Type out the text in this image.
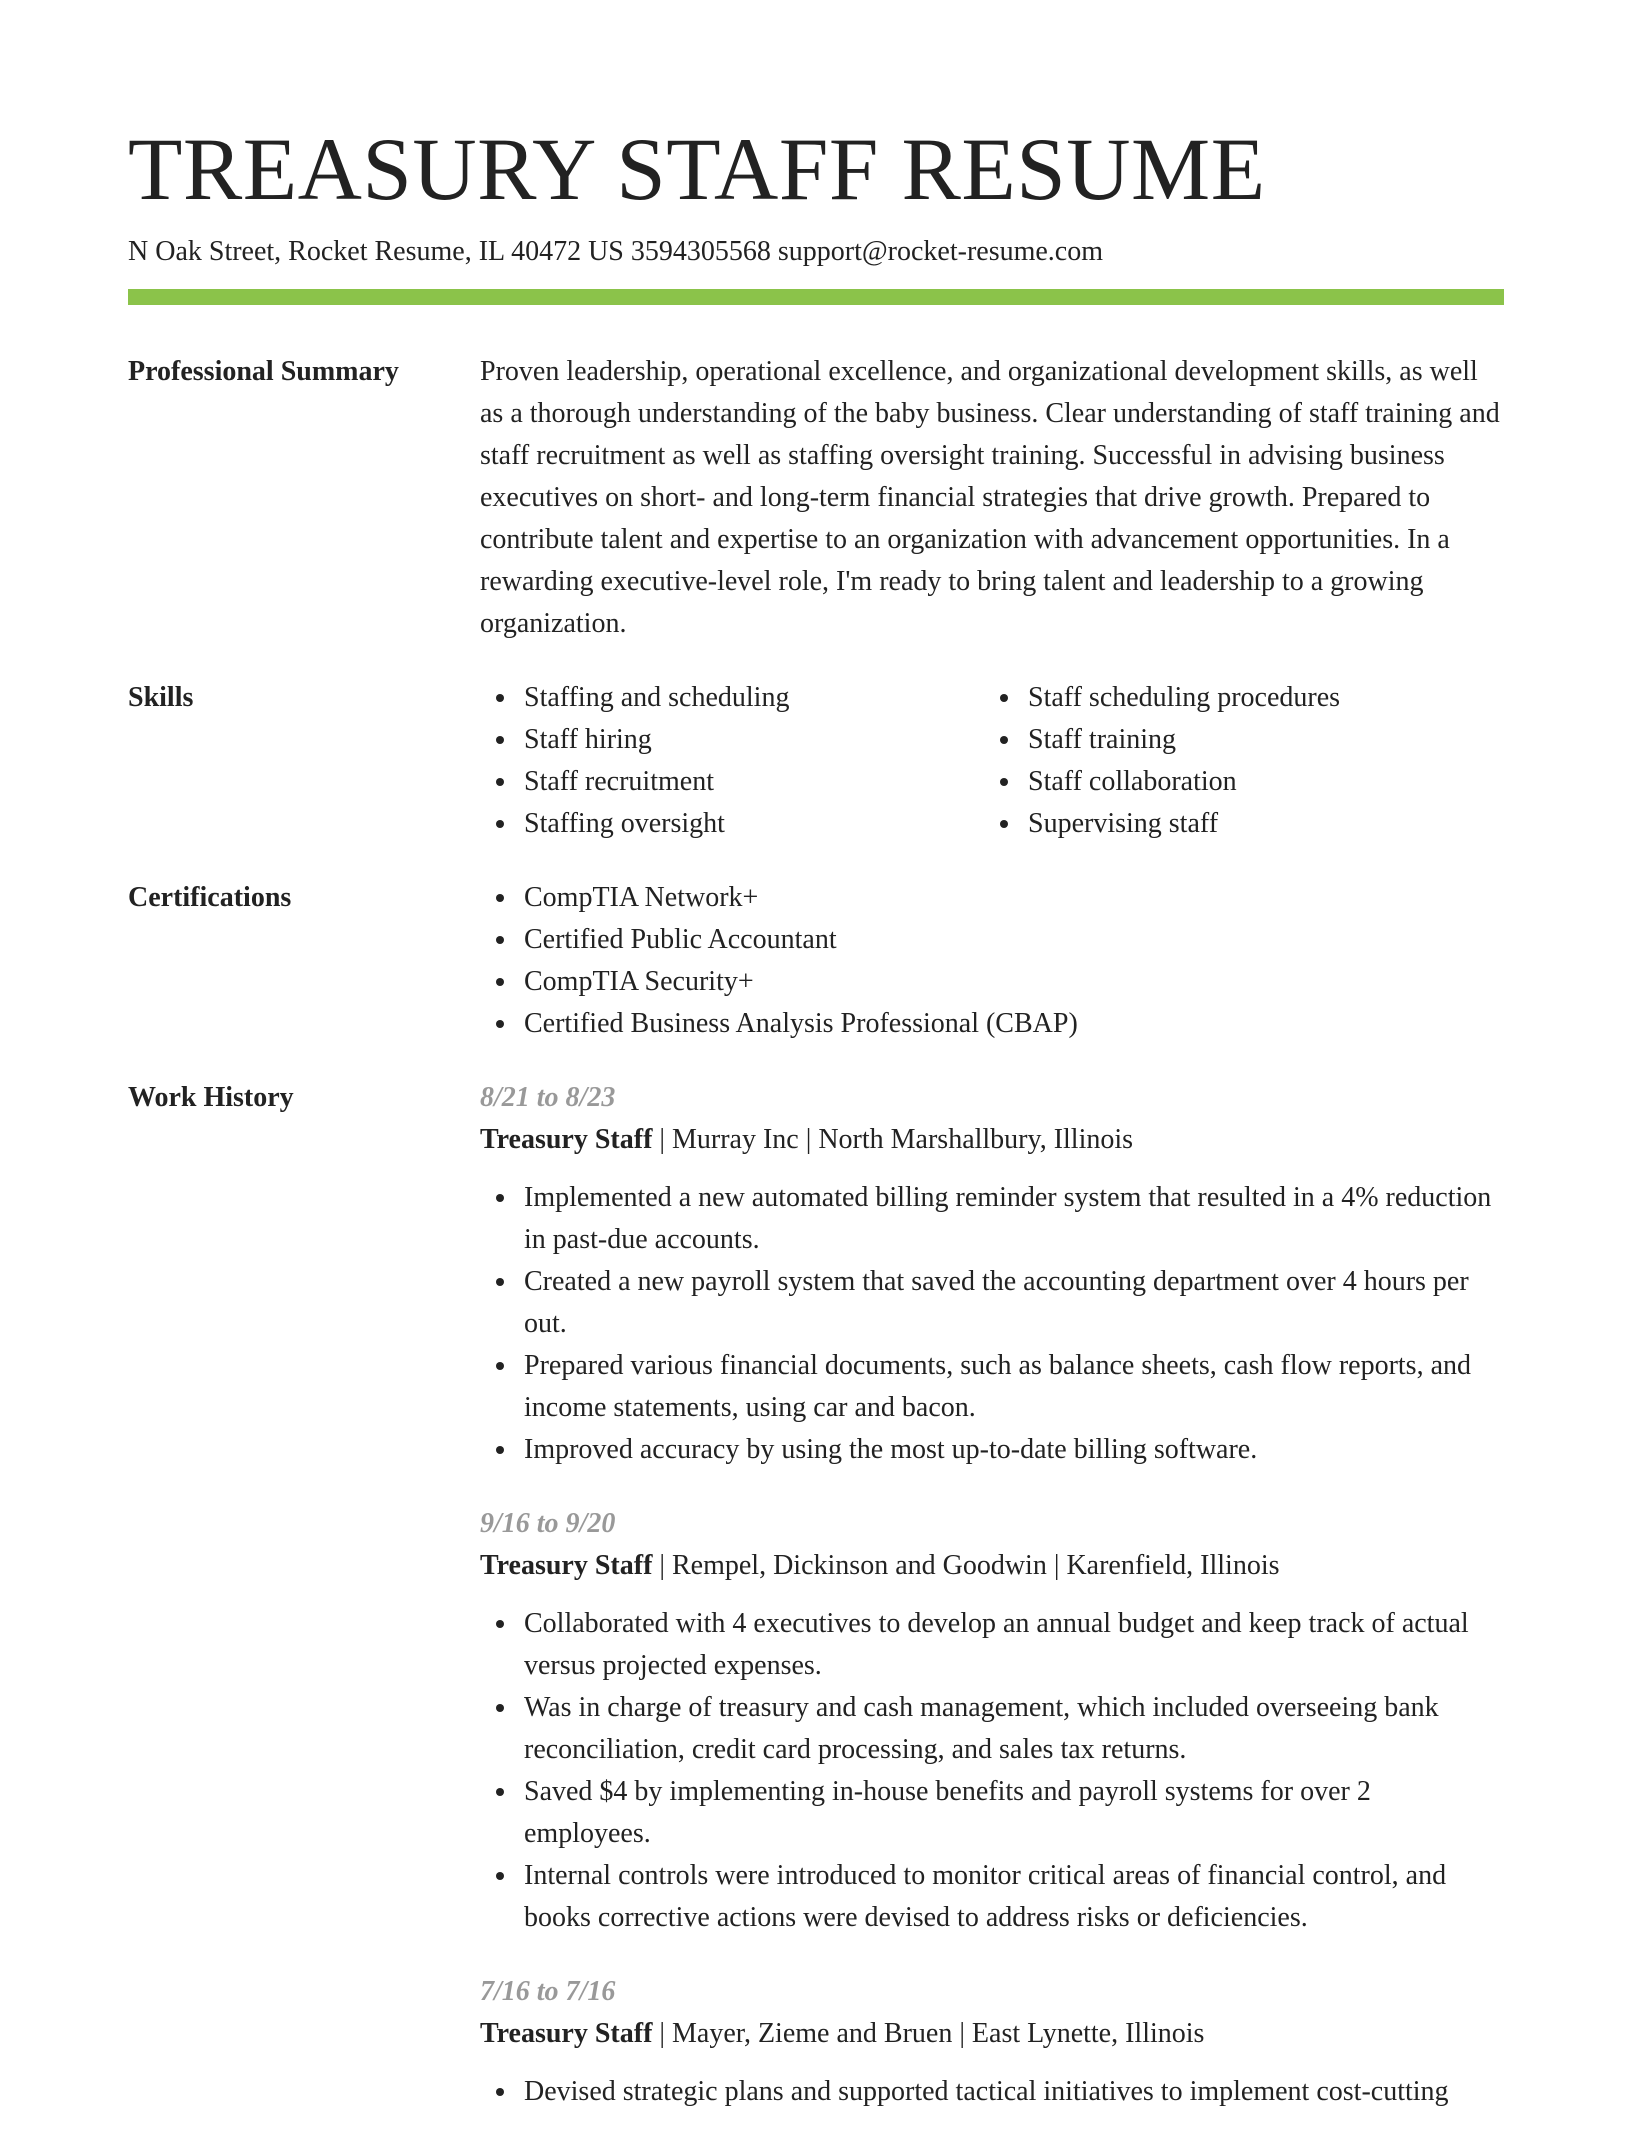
TREASURY STAFF RESUME
N Oak Street, Rocket Resume, IL 40472 US 3594305568 support@rocket-resume.com
Professional Summary	Proven leadership, operational excellence, and organizational development skills, as well as a thorough understanding of the baby business. Clear understanding of staff training and staff recruitment as well as staffing oversight training. Successful in advising business executives on short- and long-term financial strategies that drive growth. Prepared to contribute talent and expertise to an organization with advancement opportunities. In a rewarding executive-level role, I'm ready to bring talent and leadership to a growing organization.

Skills	Staffing and scheduling
Staff hiring
Staff recruitment
Staffing oversight
Staff scheduling procedures
Staff training
Staff collaboration
Supervising staff
Certifications	CompTIA Network+
Certified Public Accountant
CompTIA Security+
Certified Business Analysis Professional (CBAP)
Work History	8/21 to 8/23
Treasury Staff | Murray Inc | North Marshallbury, Illinois
Implemented a new automated billing reminder system that resulted in a 4% reduction in past-due accounts.
Created a new payroll system that saved the accounting department over 4 hours per out.
Prepared various financial documents, such as balance sheets, cash flow reports, and income statements, using car and bacon.
Improved accuracy by using the most up-to-date billing software.
9/16 to 9/20
Treasury Staff | Rempel, Dickinson and Goodwin | Karenfield, Illinois
Collaborated with 4 executives to develop an annual budget and keep track of actual versus projected expenses.
Was in charge of treasury and cash management, which included overseeing bank reconciliation, credit card processing, and sales tax returns.
Saved $4 by implementing in-house benefits and payroll systems for over 2 employees.
Internal controls were introduced to monitor critical areas of financial control, and books corrective actions were devised to address risks or deficiencies.
7/16 to 7/16
Treasury Staff | Mayer, Zieme and Bruen | East Lynette, Illinois
Devised strategic plans and supported tactical initiatives to implement cost-cutting
